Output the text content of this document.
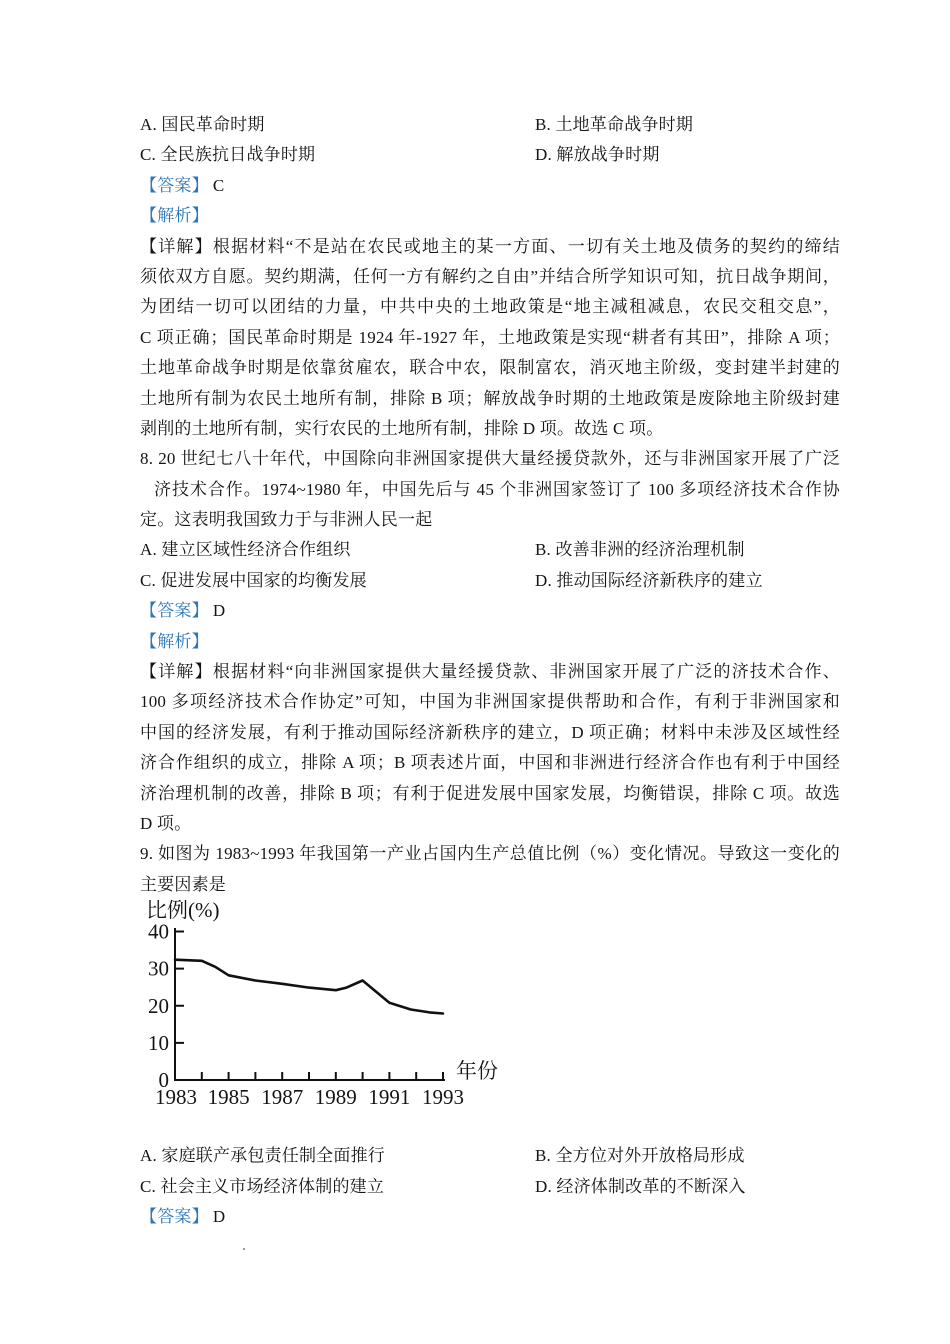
A. 国民革命时期	B. 土地革命战争时期
C. 全民族抗日战争时期	D. 解放战争时期
【答案】 C
【解析】
【详解】根据材料“不是站在农民或地主的某一方面、一切有关土地及债务的契约的缔结
须依双方自愿。契约期满，任何一方有解约之自由”并结合所学知识可知，抗日战争期间，
为团结一切可以团结的力量，中共中央的土地政策是“地主减租减息，农民交租交息”，
C 项正确；国民革命时期是 1924 年-1927 年，土地政策是实现“耕者有其田”，排除 A 项；
土地革命战争时期是依靠贫雇农，联合中农，限制富农，消灭地主阶级，变封建半封建的
土地所有制为农民土地所有制，排除 B 项；解放战争时期的土地政策是废除地主阶级封建
剥削的土地所有制，实行农民的土地所有制，排除 D 项。故选 C 项。
8. 20 世纪七八十年代，中国除向非洲国家提供大量经援贷款外，还与非洲国家开展了广泛
济技术合作。1974~1980 年，中国先后与 45 个非洲国家签订了 100 多项经济技术合作协
定。这表明我国致力于与非洲人民一起
A. 建立区域性经济合作组织	B. 改善非洲的经济治理机制
C. 促进发展中国家的均衡发展	D. 推动国际经济新秩序的建立
【答案】 D
【解析】
【详解】根据材料“向非洲国家提供大量经援贷款、非洲国家开展了广泛的济技术合作、
100 多项经济技术合作协定”可知，中国为非洲国家提供帮助和合作，有利于非洲国家和
中国的经济发展，有利于推动国际经济新秩序的建立，D 项正确；材料中未涉及区域性经
济合作组织的成立，排除 A 项；B 项表述片面，中国和非洲进行经济合作也有利于中国经
济治理机制的改善，排除 B 项；有利于促进发展中国家发展，均衡错误，排除 C 项。故选
D 项。
9. 如图为 1983~1993 年我国第一产业占国内生产总值比例（%）变化情况。导致这一变化的
主要因素是
比例(%)
0
10
20
30
40
1983 1985 1987 1989 1991 1993
年份
A. 家庭联产承包责任制全面推行	B. 全方位对外开放格局形成
C. 社会主义市场经济体制的建立	D. 经济体制改革的不断深入
【答案】 D
